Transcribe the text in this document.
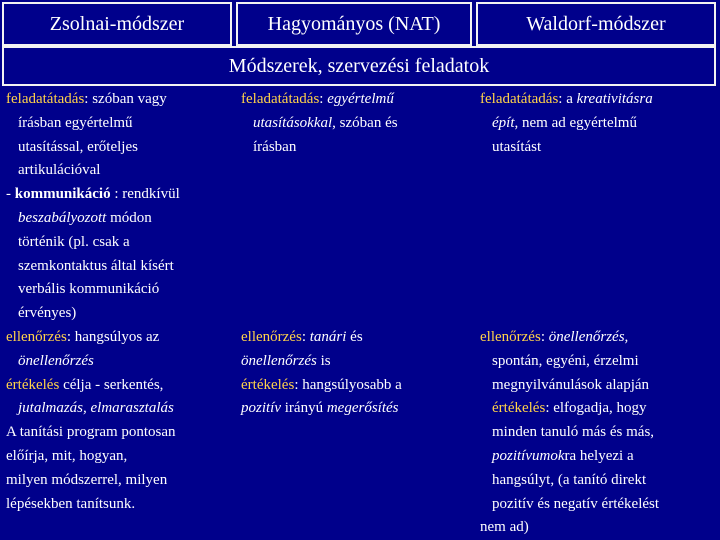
Zsolnai-módszer	Hagyományos (NAT)	Waldorf-módszer
Módszerek, szervezési feladatok
feladatátadás: szóban vagy
írásban egyértelmű
utasítással, erőteljes
artikulációval
- kommunikáció : rendkívül
beszabályozott módon
történik (pl. csak a
szemkontaktus által kísért
verbális kommunikáció
érvényes)
ellenőrzés: hangsúlyos az
önellenőrzés
értékelés célja - serkentés,
jutalmazás, elmarasztalás
A tanítási program pontosan
előírja, mit, hogyan,
milyen módszerrel, milyen
lépésekben tanítsunk.
feladatátadás: egyértelmű
utasításokkal, szóban és
írásban
ellenőrzés: tanári és
önellenőrzés is
értékelés: hangsúlyosabb a
pozitív irányú megerősítés
feladatátadás: a kreativitásra
épít, nem ad egyértelmű
utasítást
ellenőrzés: önellenőrzés,
spontán, egyéni, érzelmi
megnyilvánulások alapján
értékelés: elfogadja, hogy
minden tanuló más és más,
pozitívumokra helyezi a
hangsúlyt, (a tanító direkt
pozitív és negatív értékelést
nem ad)
